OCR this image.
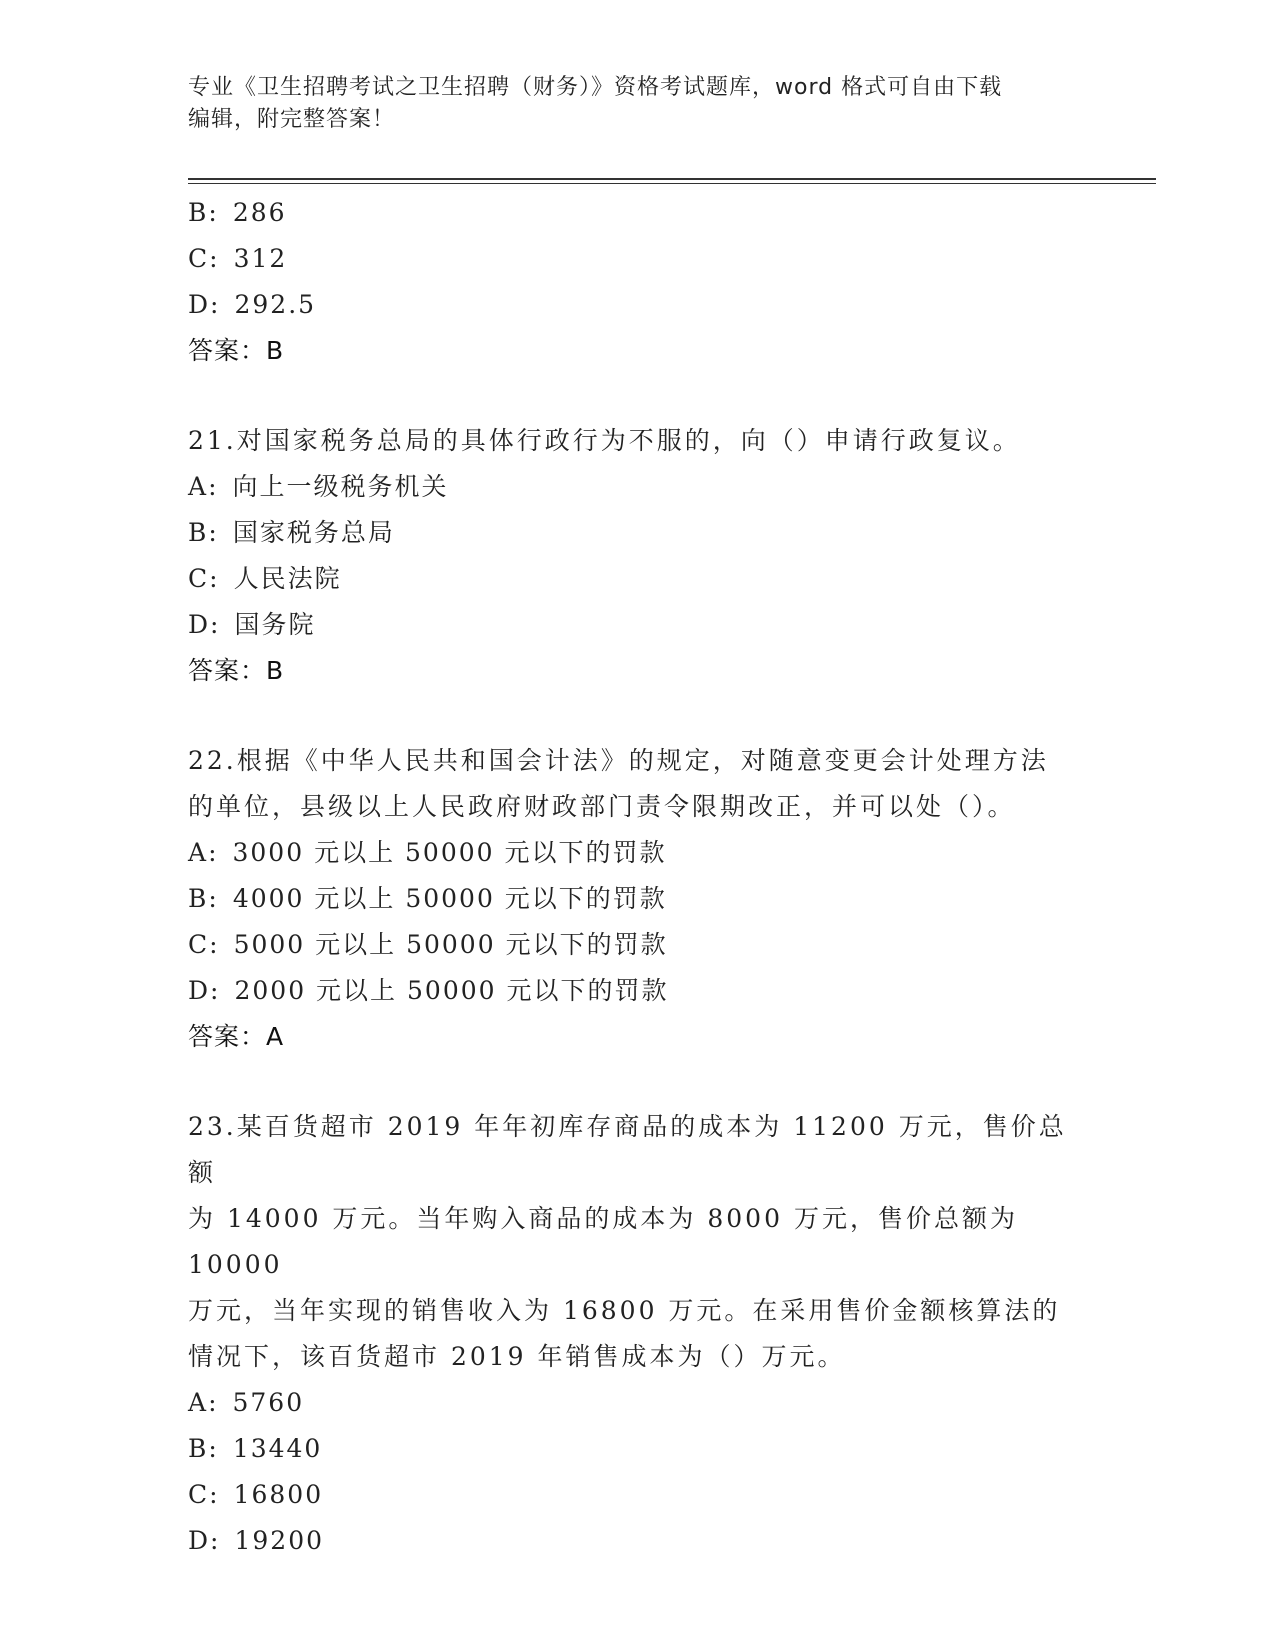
专业《卫生招聘考试之卫生招聘（财务）》资格考试题库，word 格式可自由下载
编辑，附完整答案！
B: 286
C: 312
D: 292.5
答案：B
21.对国家税务总局的具体行政行为不服的，向（）申请行政复议。
A: 向上一级税务机关
B: 国家税务总局
C: 人民法院
D: 国务院
答案：B
22.根据《中华人民共和国会计法》的规定，对随意变更会计处理方法
的单位，县级以上人民政府财政部门责令限期改正，并可以处（）。
A: 3000 元以上 50000 元以下的罚款
B: 4000 元以上 50000 元以下的罚款
C: 5000 元以上 50000 元以下的罚款
D: 2000 元以上 50000 元以下的罚款
答案：A
23.某百货超市 2019 年年初库存商品的成本为 11200 万元，售价总额
为 14000 万元。当年购入商品的成本为 8000 万元，售价总额为 10000
万元，当年实现的销售收入为 16800 万元。在采用售价金额核算法的
情况下，该百货超市 2019 年销售成本为（）万元。
A: 5760
B: 13440
C: 16800
D: 19200
